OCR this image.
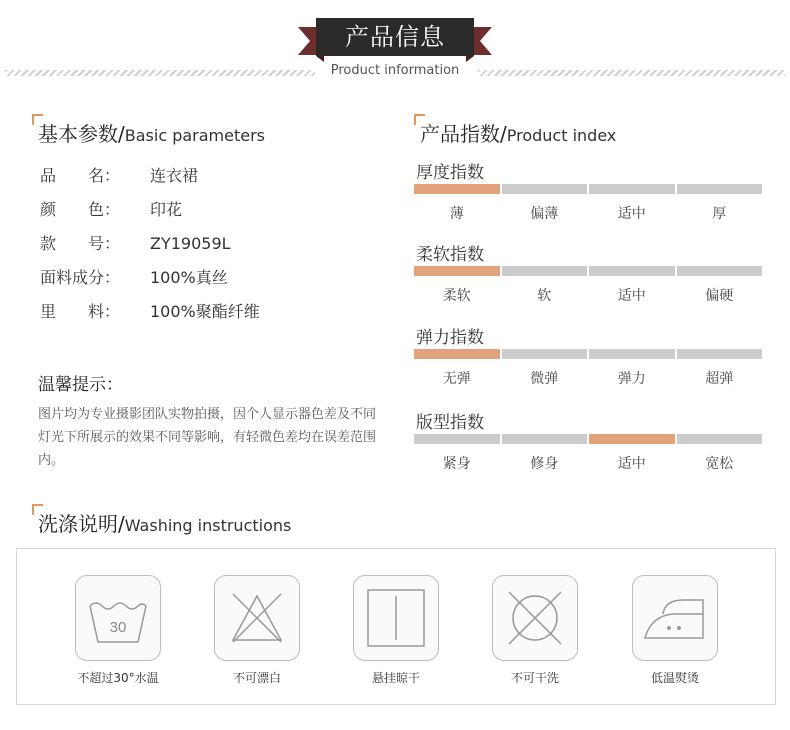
产品信息
Product information
基本参数/Basic parameters
品　　名： 连衣裙
颜　　色： 印花
款　　号： ZY19059L
面料成分： 100%真丝
里　　料： 100%聚酯纤维
温馨提示：
图片均为专业摄影团队实物拍摄，因个人显示器色差及不同灯光下所展示的效果不同等影响，有轻微色差均在误差范围内。
产品指数/Product index
厚度指数
薄	偏薄	适中	厚
柔软指数
柔软	软	适中	偏硬
弹力指数
无弹	微弹	弹力	超弹
版型指数
紧身	修身	适中	宽松
洗涤说明/Washing instructions
30
不超过30°水温	不可漂白	悬挂晾干	不可干洗	低温熨烫
